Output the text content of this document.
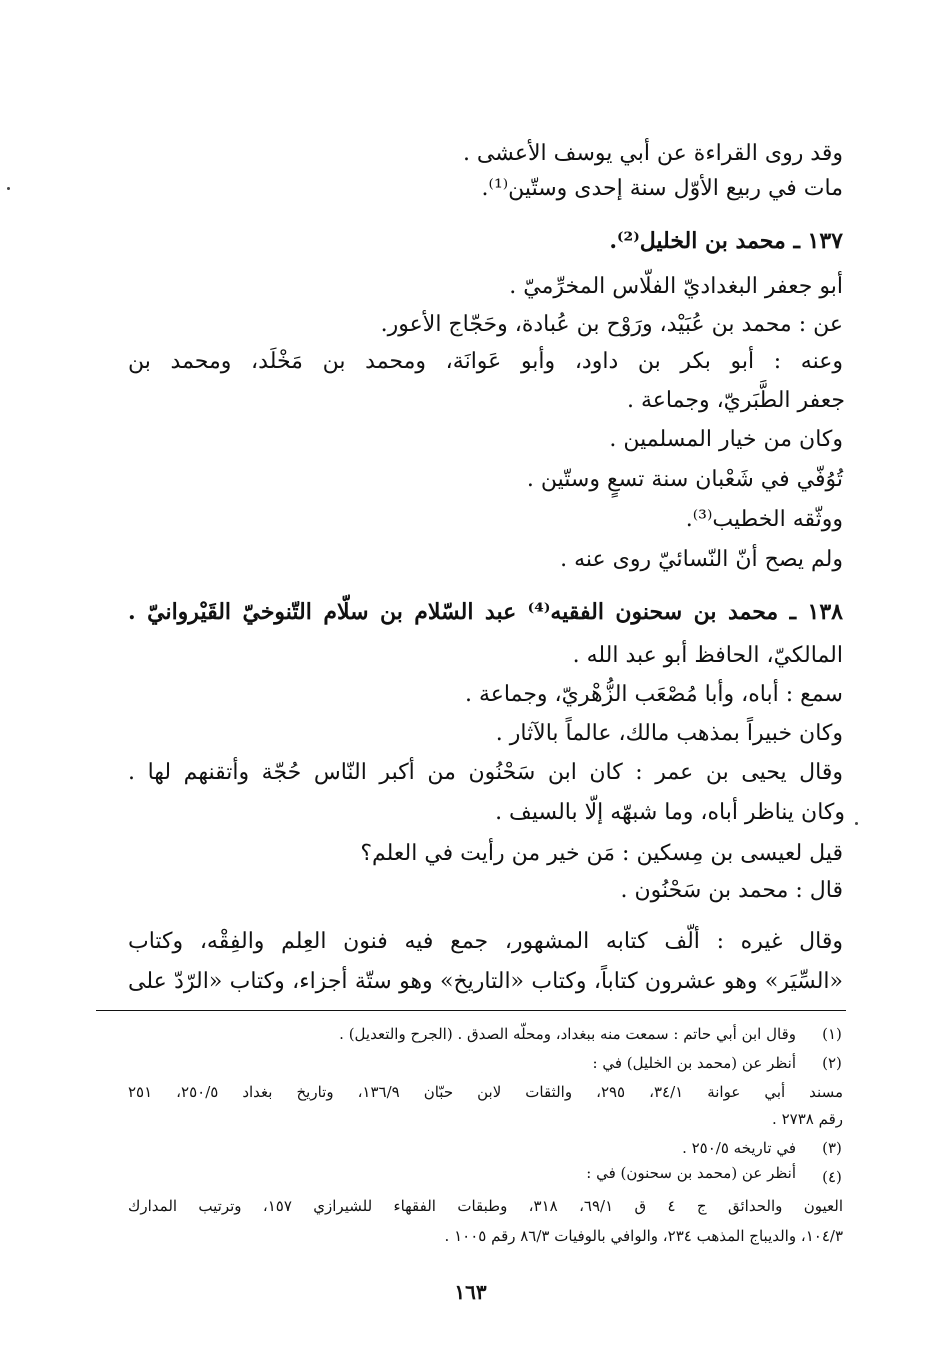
وقد روى القراءة عن أبي يوسف الأعشى .
مات في ربيع الأوّل سنة إحدى وستّين⁽¹⁾.
١٣٧ ـ محمد بن الخليل⁽²⁾.
أبو جعفر البغداديّ الفلّاس المخرِّميّ .
عن : محمد بن عُبَيْد، ورَوْح بن عُبادة، وحَجّاج الأعور.
وعنه : أبو بكر بن داود، وأبو عَوانَة، ومحمد بن مَخْلَد، ومحمد بن
جعفر الطَّبَريّ، وجماعة .
وكان من خيار المسلمين .
تُوُفّي في شَعْبان سنة تسعٍ وستّين .
ووثّقه الخطيب⁽³⁾.
ولم يصح أنّ النّسائيّ روى عنه .
١٣٨ ـ محمد بن سحنون الفقيه⁽⁴⁾ عبد السّلام بن سلّام التّنوخيّ القَيْروانيّ .
المالكيّ، الحافظ أبو عبد الله .
سمع : أباه، وأبا مُصْعَب الزُّهْريّ، وجماعة .
وكان خبيراً بمذهب مالك، عالماً بالآثار .
وقال يحيى بن عمر : كان ابن سَحْنُون من أكبر النّاس حُجّة وأتقنهم لها .
وكان يناظر أباه، وما شبهّه إلّا بالسيف .
قيل لعيسى بن مِسكين : مَن خير من رأيت في العلم؟
قال : محمد بن سَحْنُون .
وقال غيره : ألّف كتابه المشهور، جمع فيه فنون العِلم والفِقْه، وكتاب
«السِّيَر» وهو عشرون كتاباً، وكتاب «التاريخ» وهو ستّة أجزاء، وكتاب «الرّدّ على
(١)
وقال ابن أبي حاتم : سمعت منه ببغداد، ومحلّه الصدق . (الجرح والتعديل) .
(٢)
أنظر عن (محمد بن الخليل) في :
مسند أبي عوانة ٣٤/١، ٢٩٥، والثقات لابن حبّان ١٣٦/٩، وتاريخ بغداد ٢٥٠/٥، ٢٥١
رقم ٢٧٣٨ .
(٣)
في تاريخه ٢٥٠/٥ .
(٤)
أنظر عن (محمد بن سحنون) في :
العيون والحدائق ج ٤ ق ٦٩/١، ٣١٨، وطبقات الفقهاء للشيرازي ١٥٧، وترتيب المدارك
١٠٤/٣، والديباج المذهب ٢٣٤، والوافي بالوفيات ٨٦/٣ رقم ١٠٠٥ .
١٦٣
